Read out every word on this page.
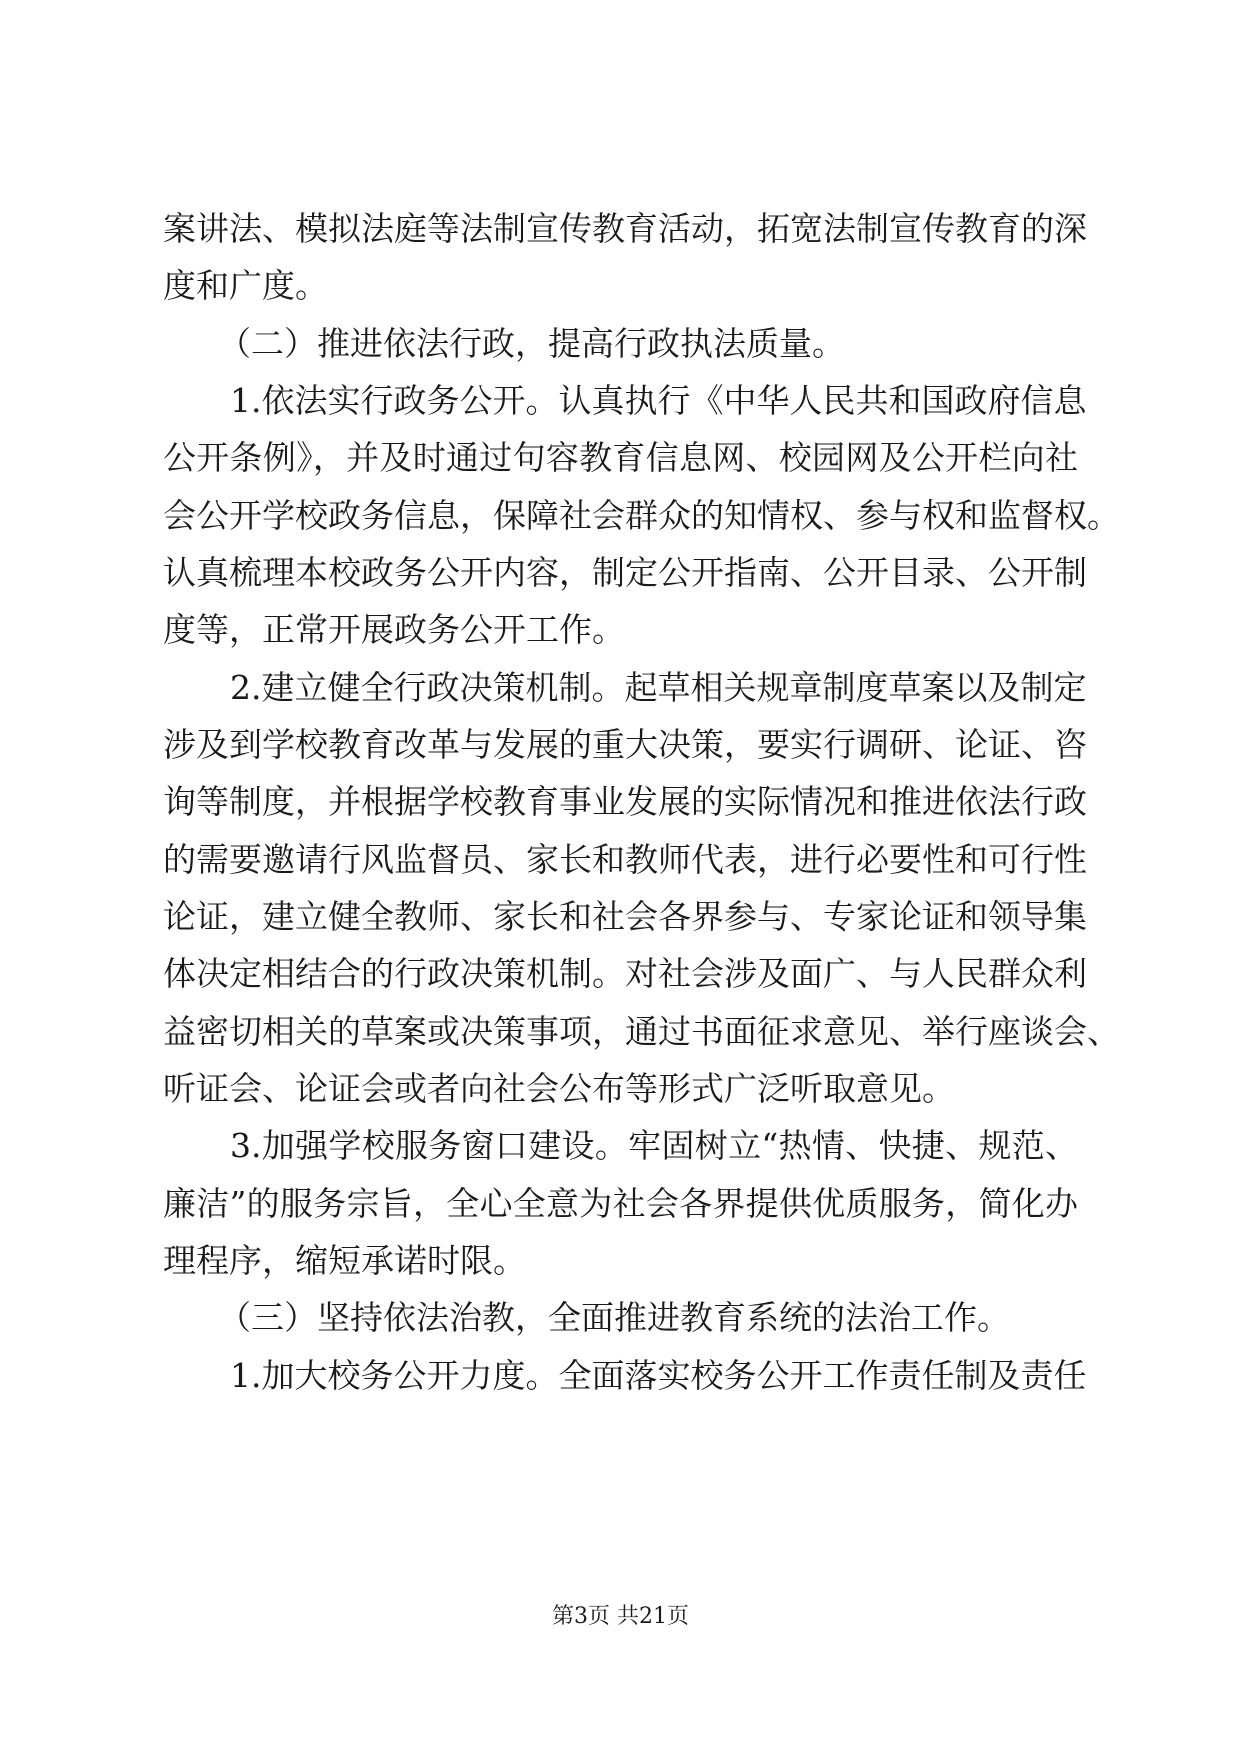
案讲法、模拟法庭等法制宣传教育活动，拓宽法制宣传教育的深
度和广度。
（二）推进依法行政，提高行政执法质量。
1.依法实行政务公开。认真执行《中华人民共和国政府信息
公开条例》，并及时通过句容教育信息网、校园网及公开栏向社
会公开学校政务信息，保障社会群众的知情权、参与权和监督权。
认真梳理本校政务公开内容，制定公开指南、公开目录、公开制
度等，正常开展政务公开工作。
2.建立健全行政决策机制。起草相关规章制度草案以及制定
涉及到学校教育改革与发展的重大决策，要实行调研、论证、咨
询等制度，并根据学校教育事业发展的实际情况和推进依法行政
的需要邀请行风监督员、家长和教师代表，进行必要性和可行性
论证，建立健全教师、家长和社会各界参与、专家论证和领导集
体决定相结合的行政决策机制。对社会涉及面广、与人民群众利
益密切相关的草案或决策事项，通过书面征求意见、举行座谈会、
听证会、论证会或者向社会公布等形式广泛听取意见。
3.加强学校服务窗口建设。牢固树立“热情、快捷、规范、
廉洁”的服务宗旨，全心全意为社会各界提供优质服务，简化办
理程序，缩短承诺时限。
（三）坚持依法治教，全面推进教育系统的法治工作。
1.加大校务公开力度。全面落实校务公开工作责任制及责任
第3页 共21页
